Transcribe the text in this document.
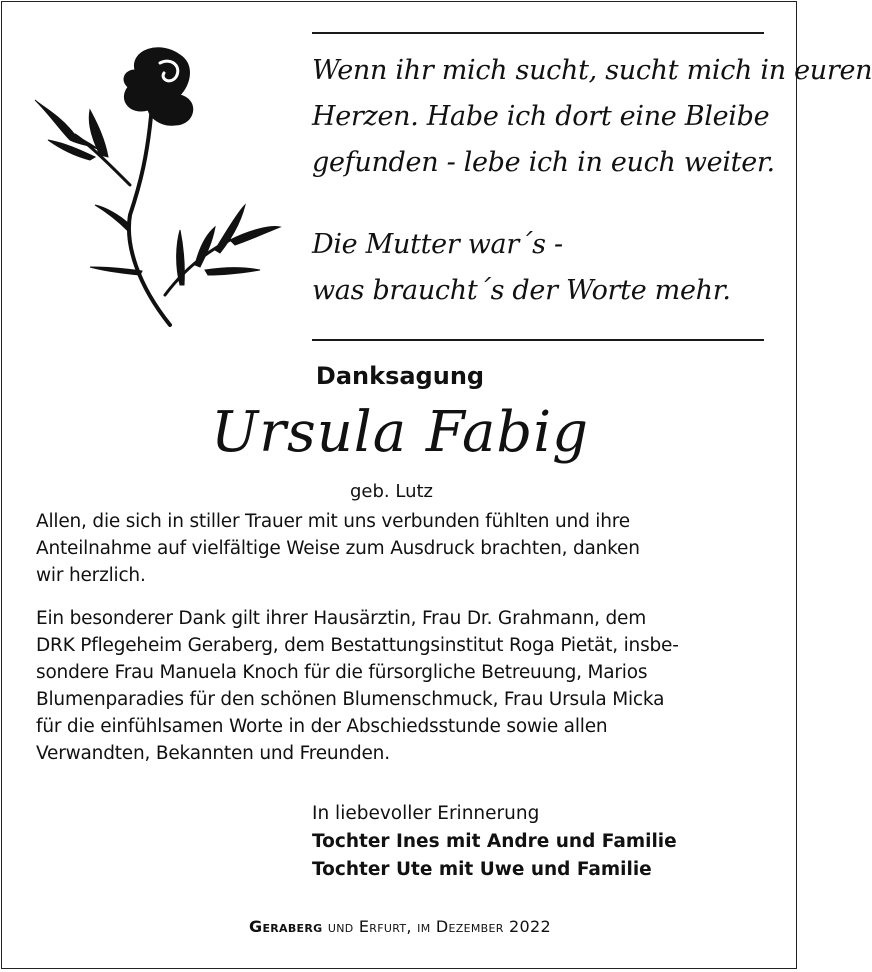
Wenn ihr mich sucht, sucht mich in euren

Herzen. Habe ich dort eine Bleibe

gefunden - lebe ich in euch weiter.

Die Mutter war´s -

was braucht´s der Worte mehr.

Danksagung
Ursula Fabig
geb. Lutz

Allen, die sich in stiller Trauer mit uns verbunden fühlten und ihre

Anteilnahme auf vielfältige Weise zum Ausdruck brachten, danken

wir herzlich.

Ein besonderer Dank gilt ihrer Hausärztin, Frau Dr. Grahmann, dem

DRK Pflegeheim Geraberg, dem Bestattungsinstitut Roga Pietät, insbe-

sondere Frau Manuela Knoch für die fürsorgliche Betreuung, Marios

Blumenparadies für den schönen Blumenschmuck, Frau Ursula Micka

für die einfühlsamen Worte in der Abschiedsstunde sowie allen

Verwandten, Bekannten und Freunden.

In liebevoller Erinnerung

Tochter Ines mit Andre und Familie

Tochter Ute mit Uwe und Familie

Geraberg und Erfurt, im Dezember 2022
